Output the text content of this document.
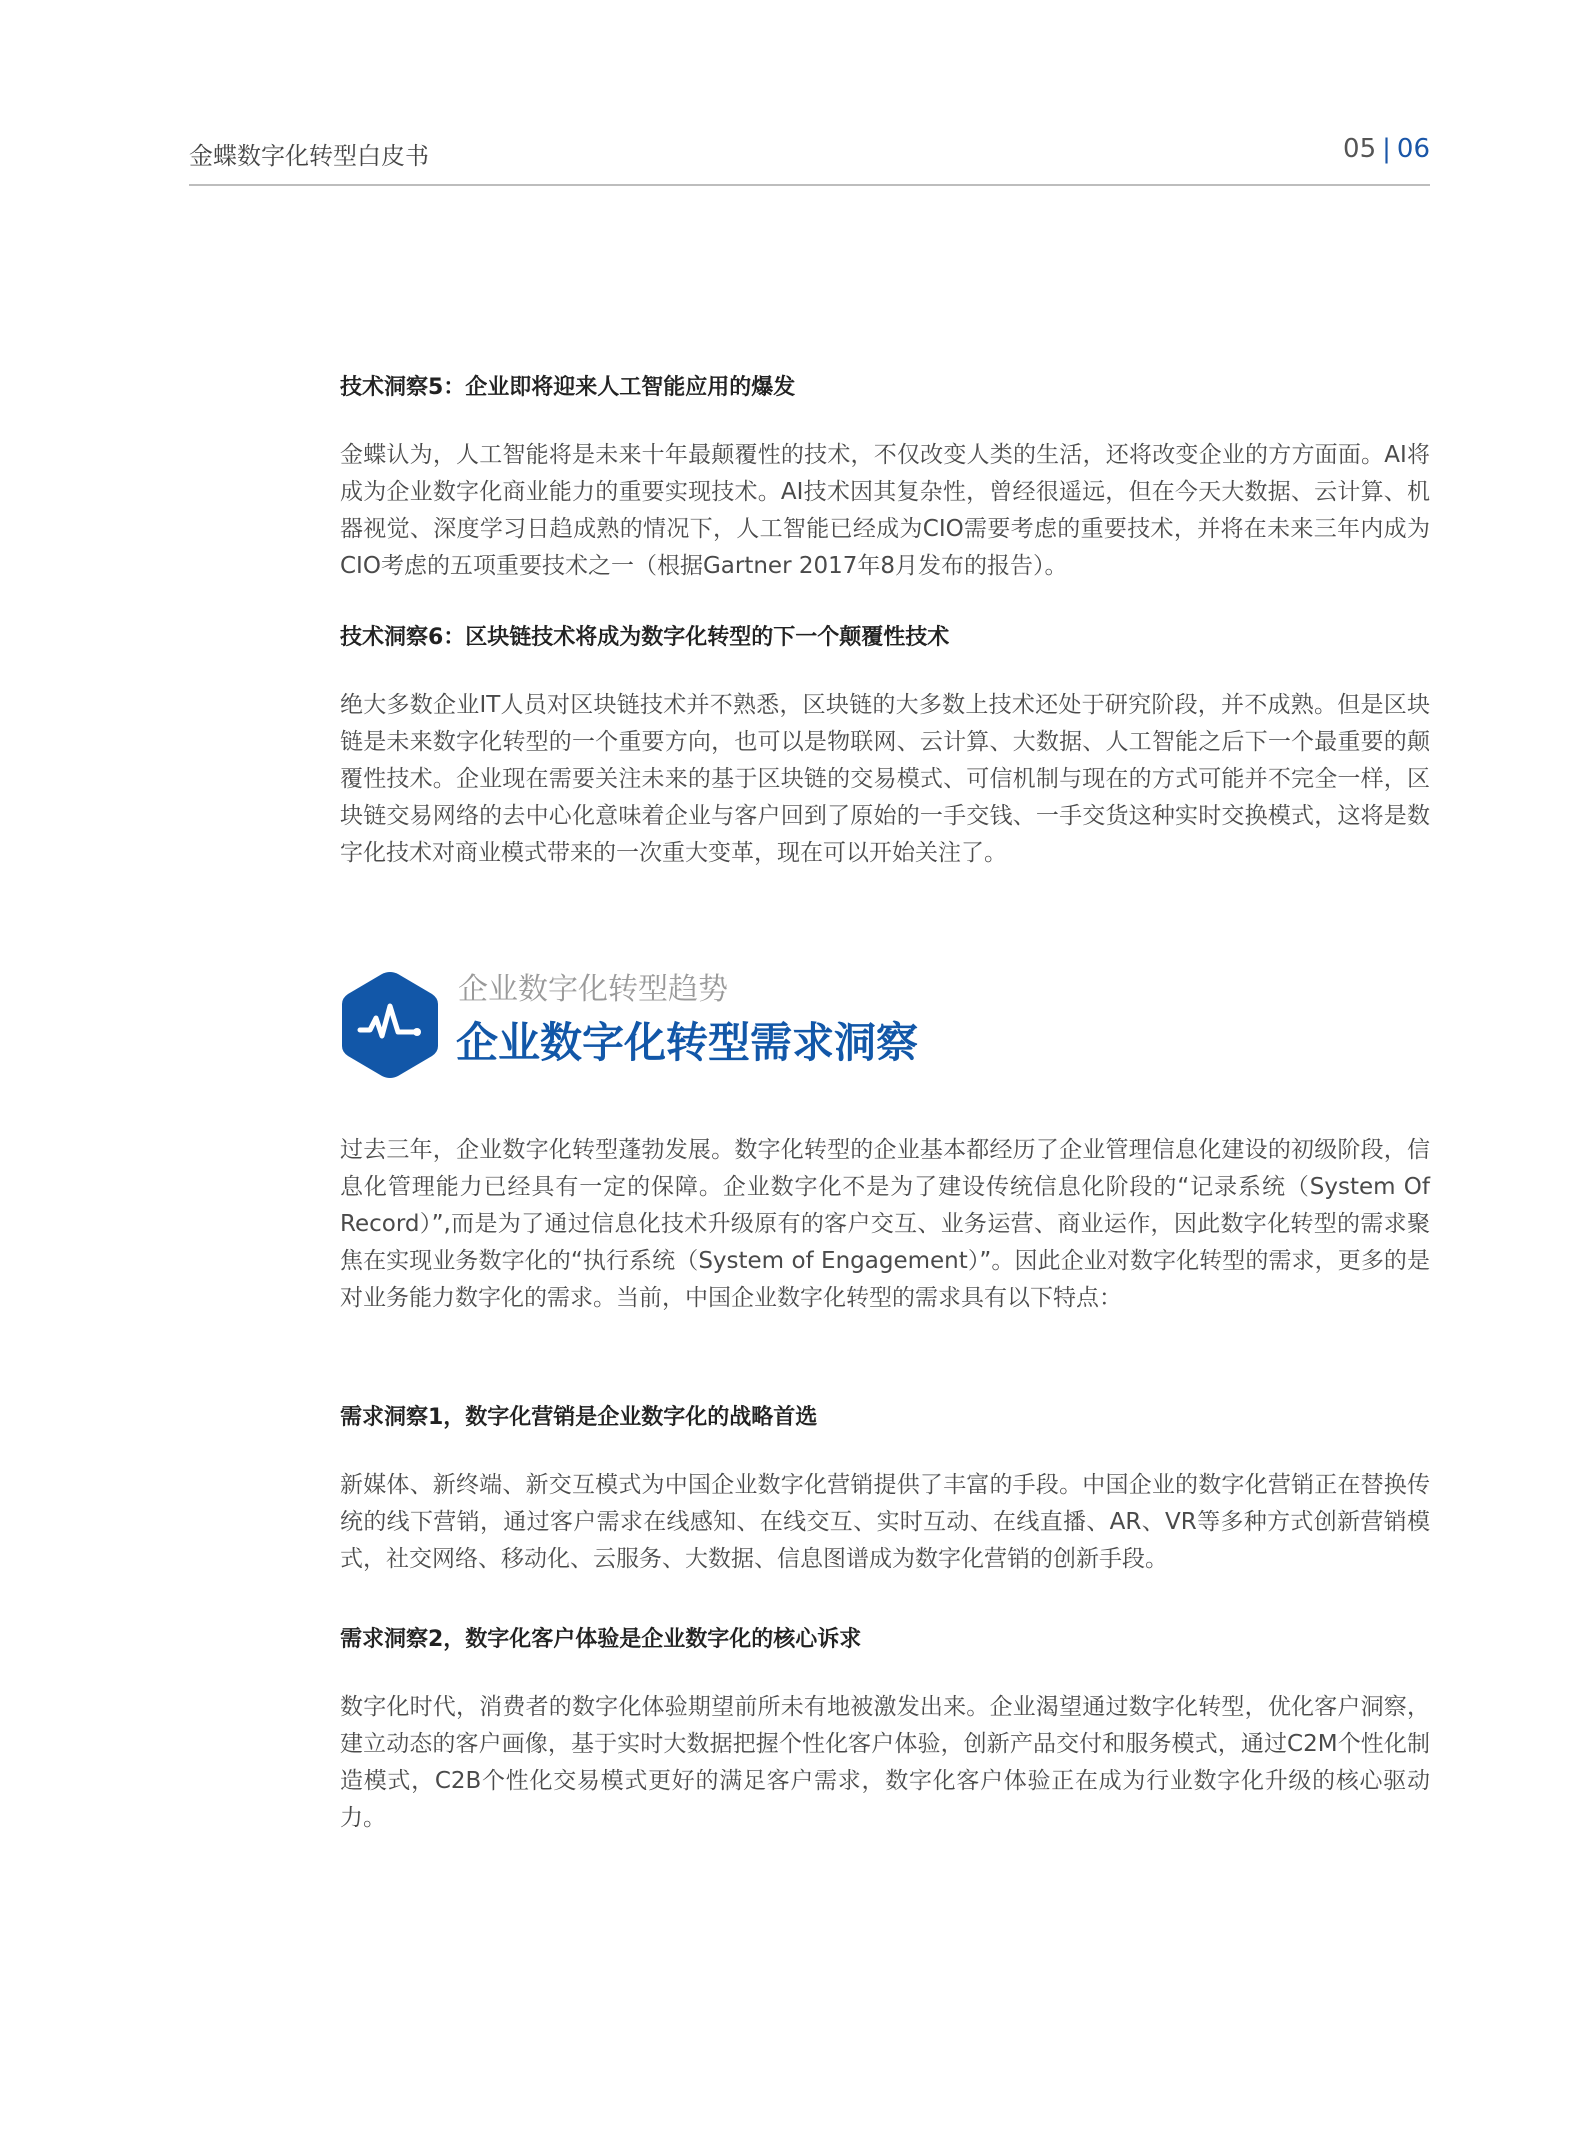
金蝶数字化转型白皮书	05 | 06
技术洞察5：企业即将迎来人工智能应用的爆发

金蝶认为，人工智能将是未来十年最颠覆性的技术，不仅改变人类的生活，还将改变企业的方方面面。AI将成为企业数字化商业能力的重要实现技术。AI技术因其复杂性，曾经很遥远，但在今天大数据、云计算、机器视觉、深度学习日趋成熟的情况下，人工智能已经成为CIO需要考虑的重要技术，并将在未来三年内成为CIO考虑的五项重要技术之一（根据Gartner 2017年8月发布的报告）。

技术洞察6：区块链技术将成为数字化转型的下一个颠覆性技术

绝大多数企业IT人员对区块链技术并不熟悉，区块链的大多数上技术还处于研究阶段，并不成熟。但是区块链是未来数字化转型的一个重要方向，也可以是物联网、云计算、大数据、人工智能之后下一个最重要的颠覆性技术。企业现在需要关注未来的基于区块链的交易模式、可信机制与现在的方式可能并不完全一样，区块链交易网络的去中心化意味着企业与客户回到了原始的一手交钱、一手交货这种实时交换模式，这将是数字化技术对商业模式带来的一次重大变革，现在可以开始关注了。

企业数字化转型趋势
企业数字化转型需求洞察

过去三年，企业数字化转型蓬勃发展。数字化转型的企业基本都经历了企业管理信息化建设的初级阶段，信息化管理能力已经具有一定的保障。企业数字化不是为了建设传统信息化阶段的“记录系统（System Of Record）”,而是为了通过信息化技术升级原有的客户交互、业务运营、商业运作，因此数字化转型的需求聚焦在实现业务数字化的“执行系统（System of Engagement）”。因此企业对数字化转型的需求，更多的是对业务能力数字化的需求。当前，中国企业数字化转型的需求具有以下特点：

需求洞察1，数字化营销是企业数字化的战略首选

新媒体、新终端、新交互模式为中国企业数字化营销提供了丰富的手段。中国企业的数字化营销正在替换传统的线下营销，通过客户需求在线感知、在线交互、实时互动、在线直播、AR、VR等多种方式创新营销模式，社交网络、移动化、云服务、大数据、信息图谱成为数字化营销的创新手段。

需求洞察2，数字化客户体验是企业数字化的核心诉求

数字化时代，消费者的数字化体验期望前所未有地被激发出来。企业渴望通过数字化转型，优化客户洞察，建立动态的客户画像，基于实时大数据把握个性化客户体验，创新产品交付和服务模式，通过C2M个性化制造模式，C2B个性化交易模式更好的满足客户需求，数字化客户体验正在成为行业数字化升级的核心驱动力。
